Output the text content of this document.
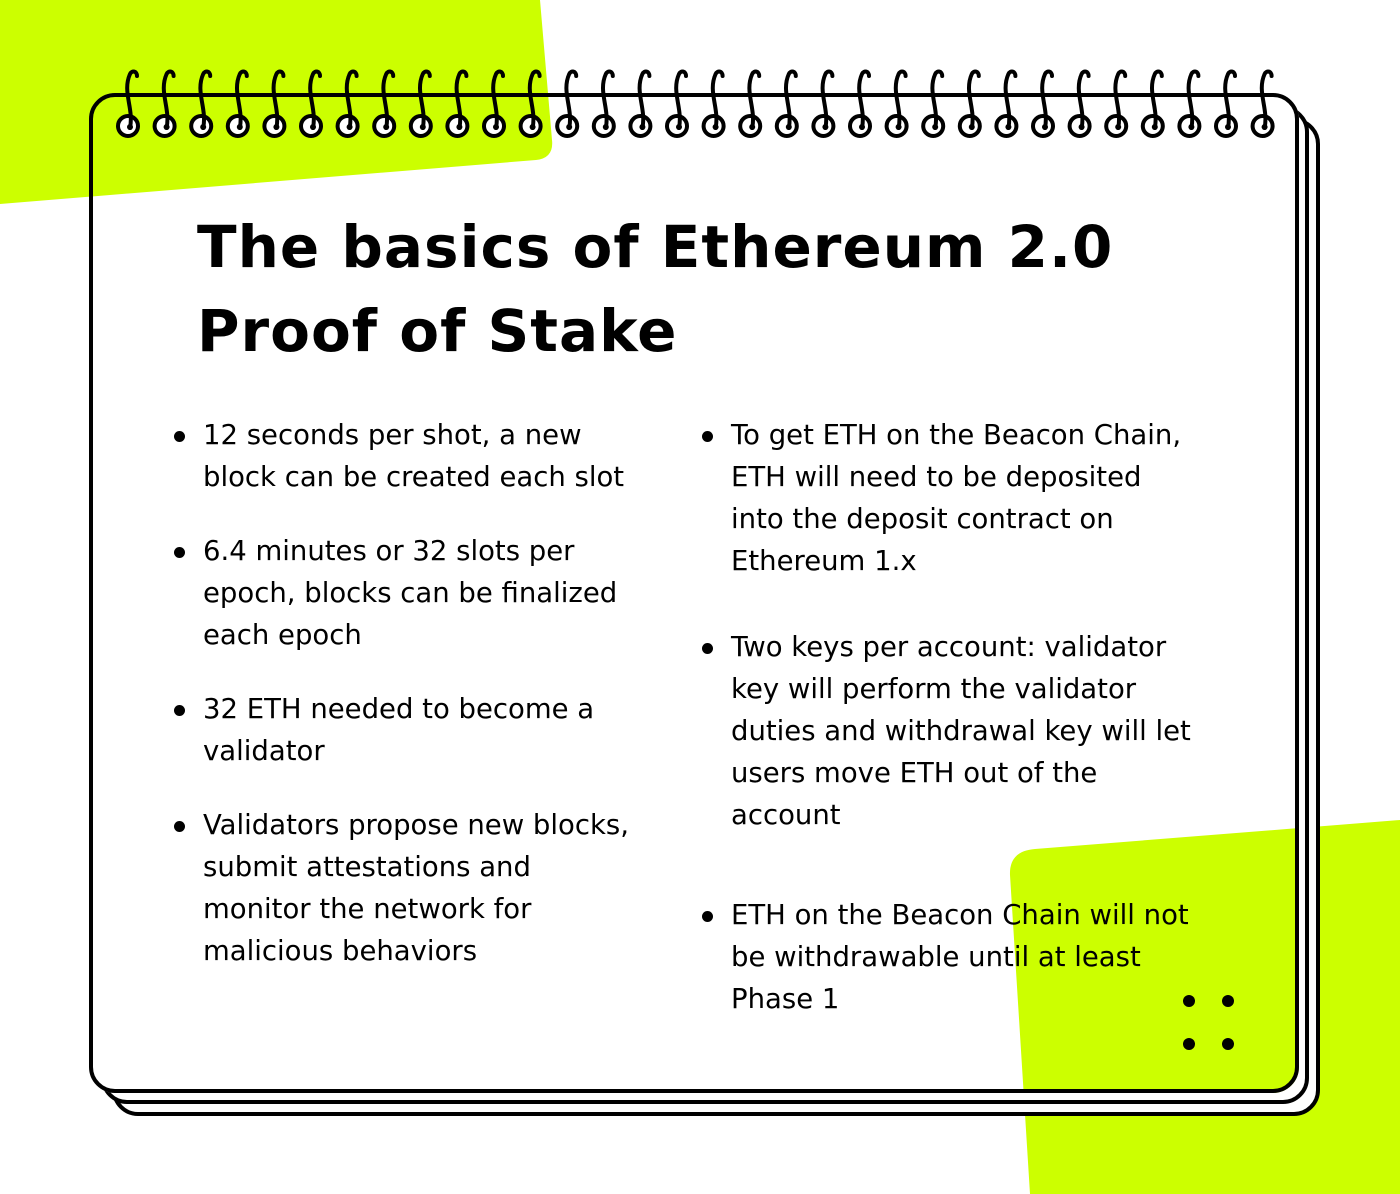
The basics of Ethereum 2.0
Proof of Stake
12 seconds per shot, a new block can be created each slot
6.4 minutes or 32 slots per epoch, blocks can be finalized each epoch
32 ETH needed to become a validator
Validators propose new blocks, submit attestations and monitor the network for malicious behaviors
To get ETH on the Beacon Chain, ETH will need to be deposited into the deposit contract on Ethereum 1.x
Two keys per account: validator key will perform the validator duties and withdrawal key will let users move ETH out of the account
ETH on the Beacon Chain will not be withdrawable until at least Phase 1
